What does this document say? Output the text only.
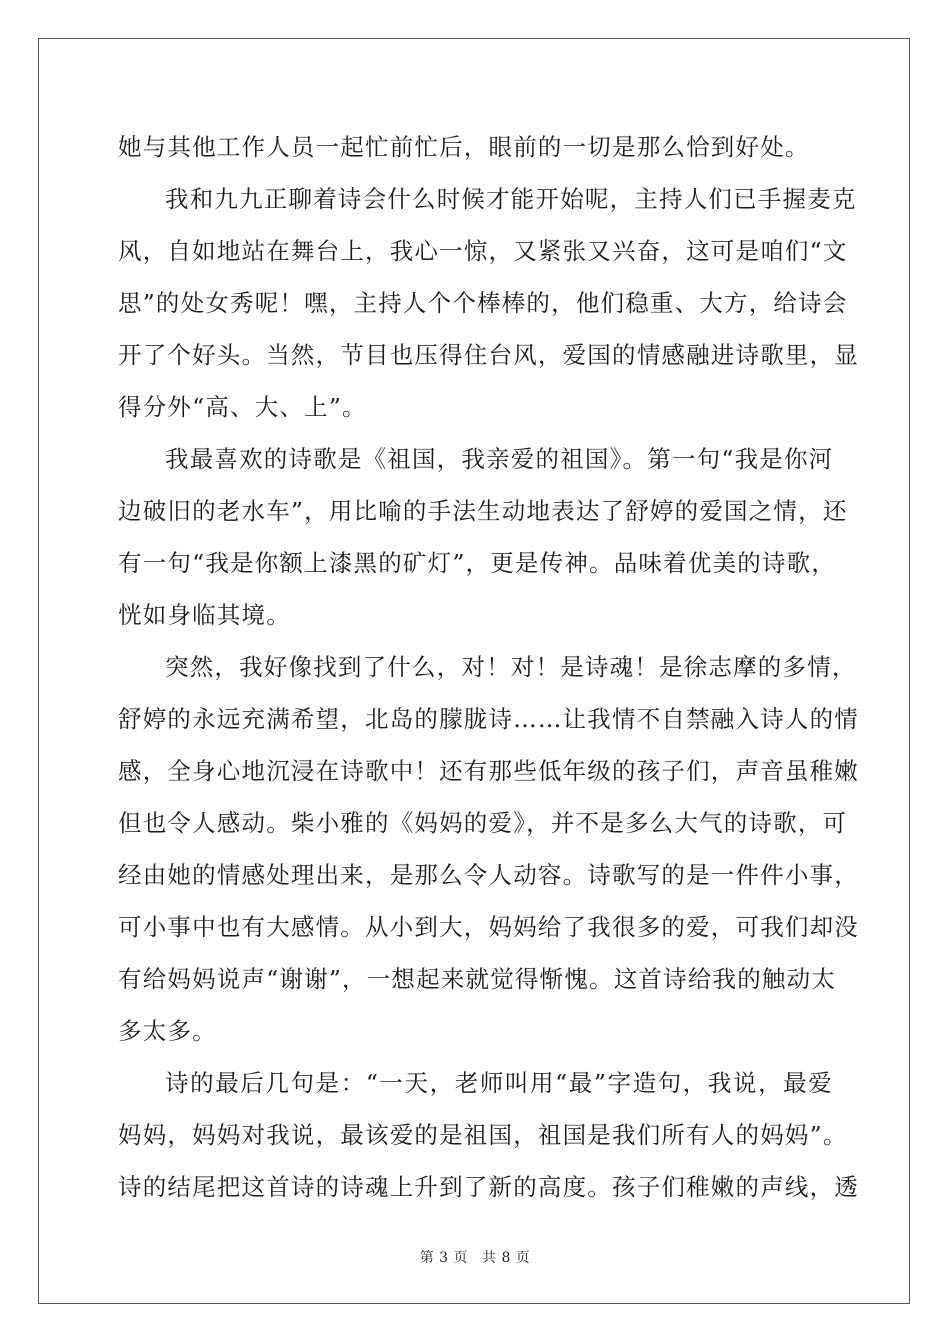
她与其他工作人员一起忙前忙后，眼前的一切是那么恰到好处。
我和九九正聊着诗会什么时候才能开始呢，主持人们已手握麦克
风，自如地站在舞台上，我心一惊，又紧张又兴奋，这可是咱们“文
思”的处女秀呢！嘿，主持人个个棒棒的，他们稳重、大方，给诗会
开了个好头。当然，节目也压得住台风，爱国的情感融进诗歌里，显
得分外“高、大、上”。
我最喜欢的诗歌是《祖国，我亲爱的祖国》。第一句“我是你河
边破旧的老水车”，用比喻的手法生动地表达了舒婷的爱国之情，还
有一句“我是你额上漆黑的矿灯”，更是传神。品味着优美的诗歌，
恍如身临其境。
突然，我好像找到了什么，对！对！是诗魂！是徐志摩的多情，
舒婷的永远充满希望，北岛的朦胧诗……让我情不自禁融入诗人的情
感，全身心地沉浸在诗歌中！还有那些低年级的孩子们，声音虽稚嫩
但也令人感动。柴小雅的《妈妈的爱》，并不是多么大气的诗歌，可
经由她的情感处理出来，是那么令人动容。诗歌写的是一件件小事，
可小事中也有大感情。从小到大，妈妈给了我很多的爱，可我们却没
有给妈妈说声“谢谢”，一想起来就觉得惭愧。这首诗给我的触动太
多太多。
诗的最后几句是：“一天，老师叫用“最”字造句，我说，最爱
妈妈，妈妈对我说，最该爱的是祖国，祖国是我们所有人的妈妈”。
诗的结尾把这首诗的诗魂上升到了新的高度。孩子们稚嫩的声线，透
第 3 页 共 8 页
